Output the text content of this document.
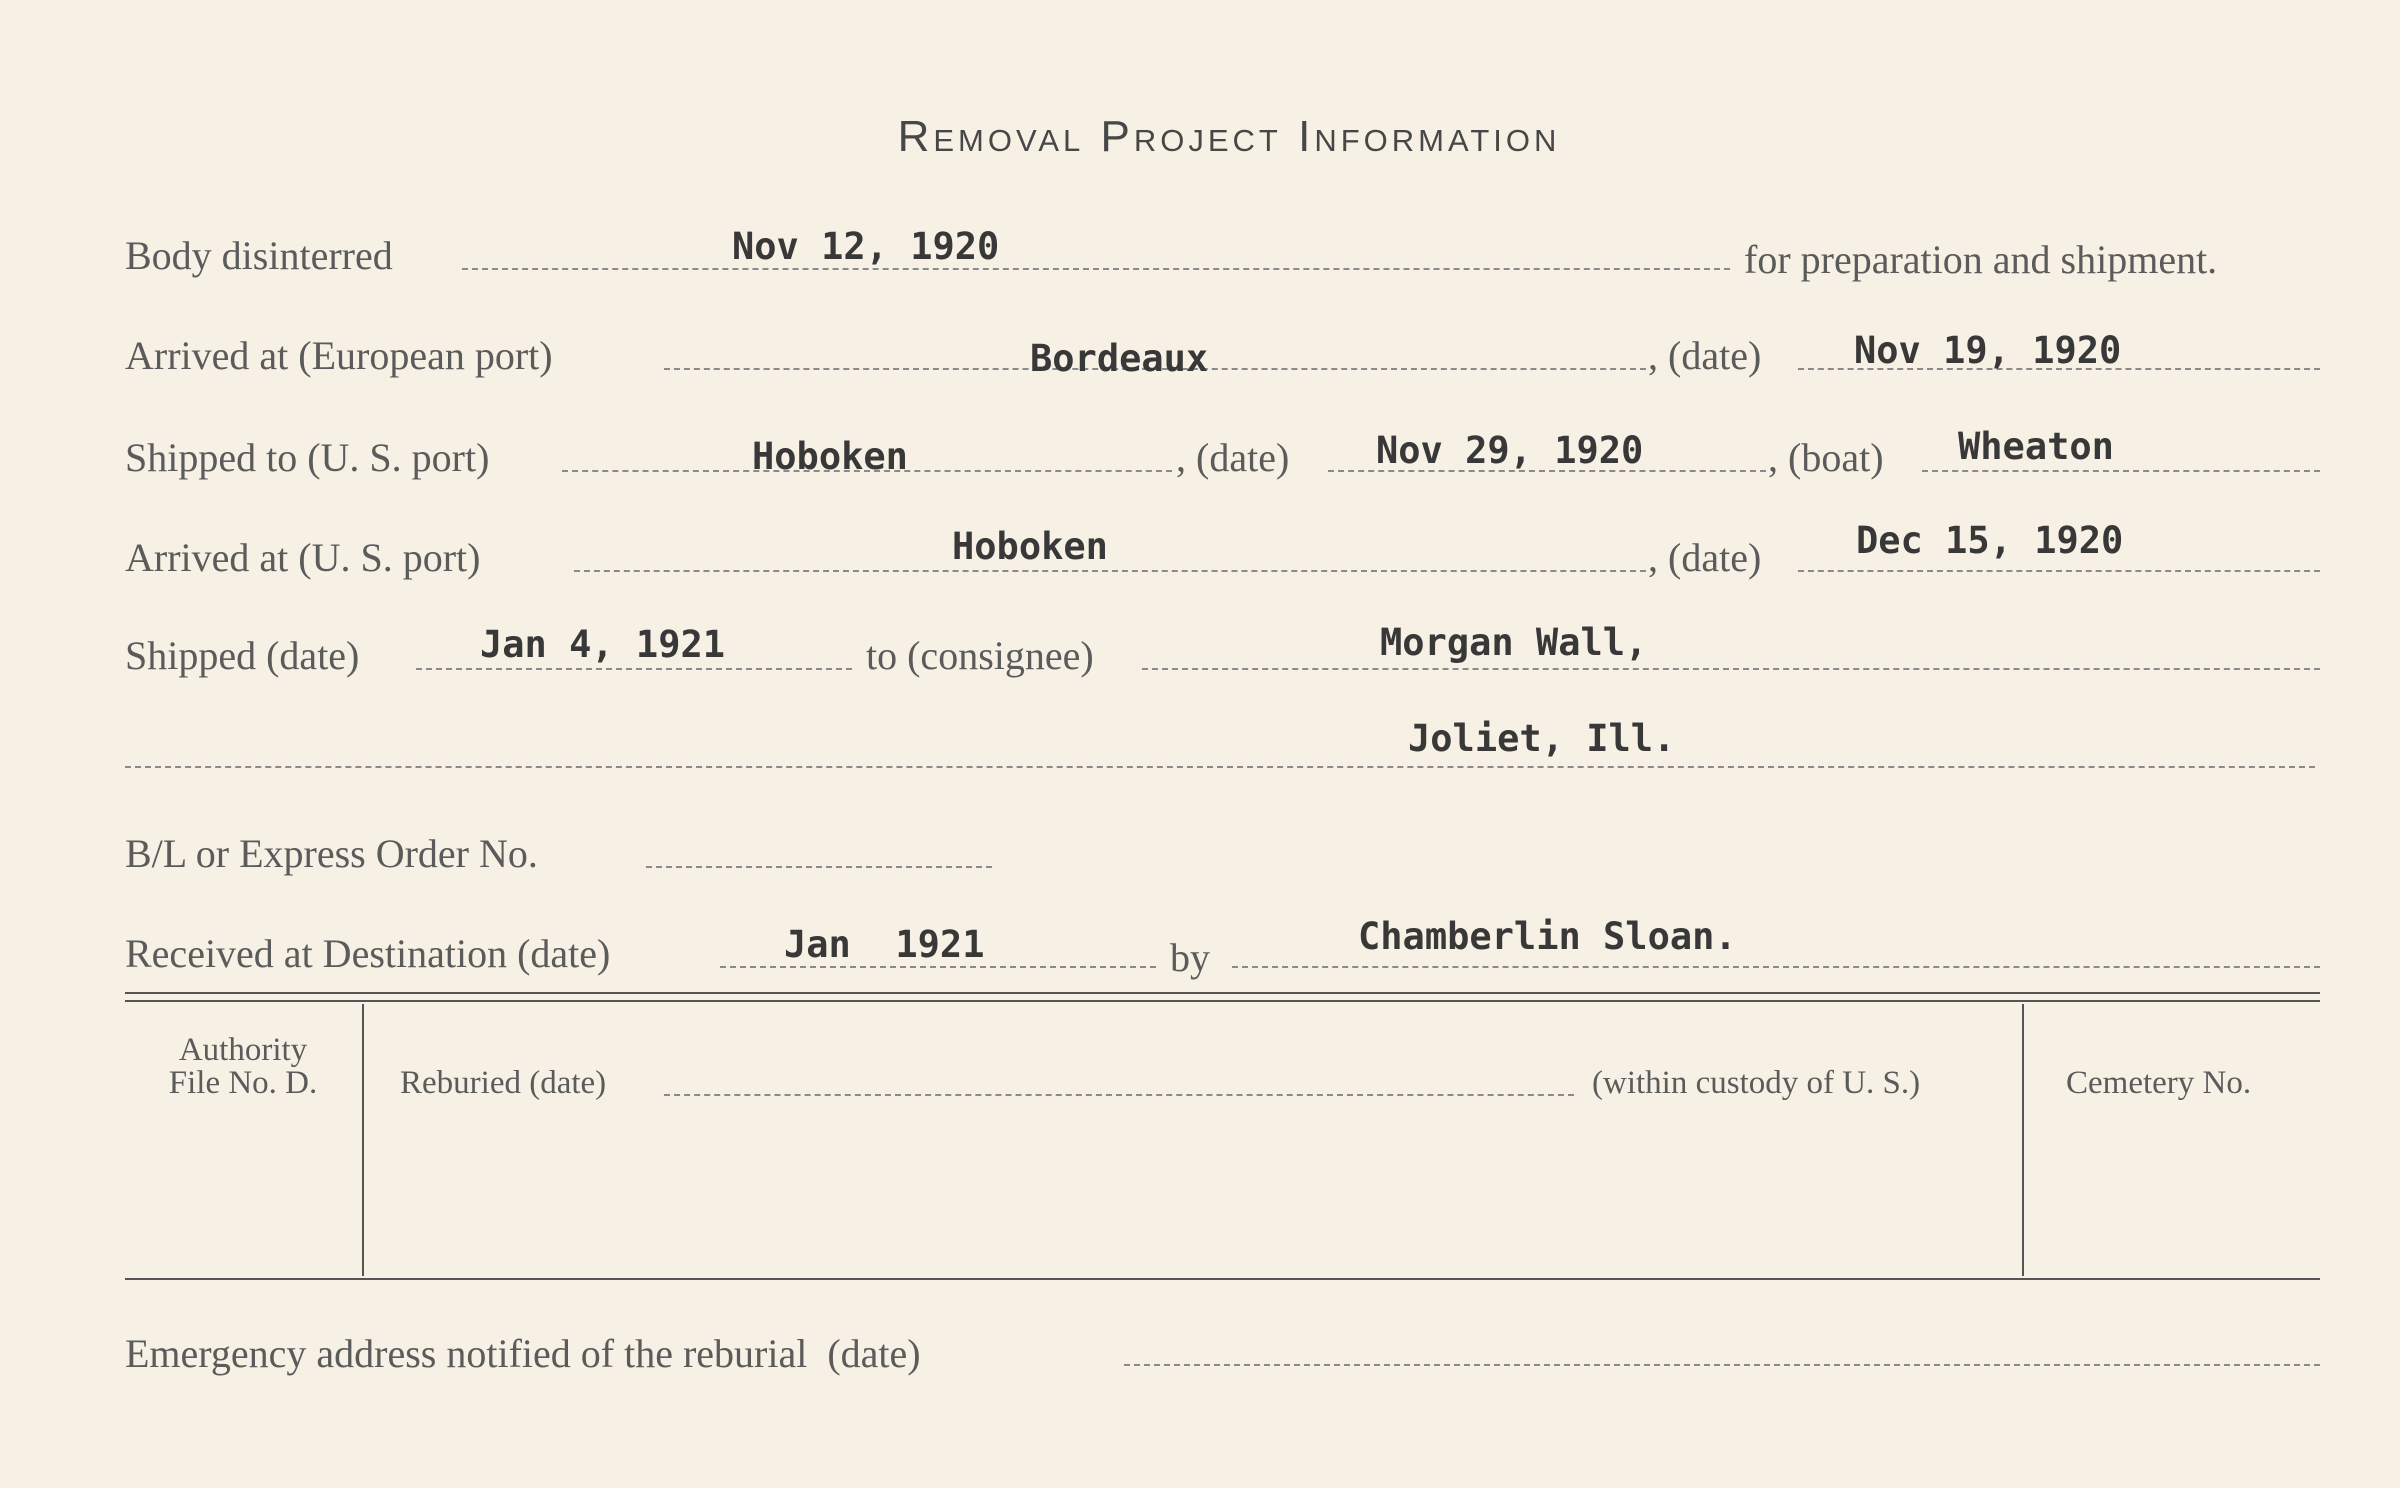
Removal Project Information
Body disinterred	Nov 12, 1920	for preparation and shipment.
Arrived at (European port)	Bordeaux	, (date)	Nov 19, 1920
Shipped to (U. S. port)	Hoboken	, (date) Nov 29, 1920	, (boat) Wheaton
Arrived at (U. S. port)	Hoboken	, (date)	Dec 15, 1920
Shipped (date)	Jan 4, 1921	to (consignee)	Morgan Wall,
Joliet, Ill.
B/L or Express Order No.
Received at Destination (date)	Jan  1921	by	Chamberlin Sloan.
Authority
File No. D.	Reburied (date)	(within custody of U. S.)	Cemetery No.
Emergency address notified of the reburial  (date)
